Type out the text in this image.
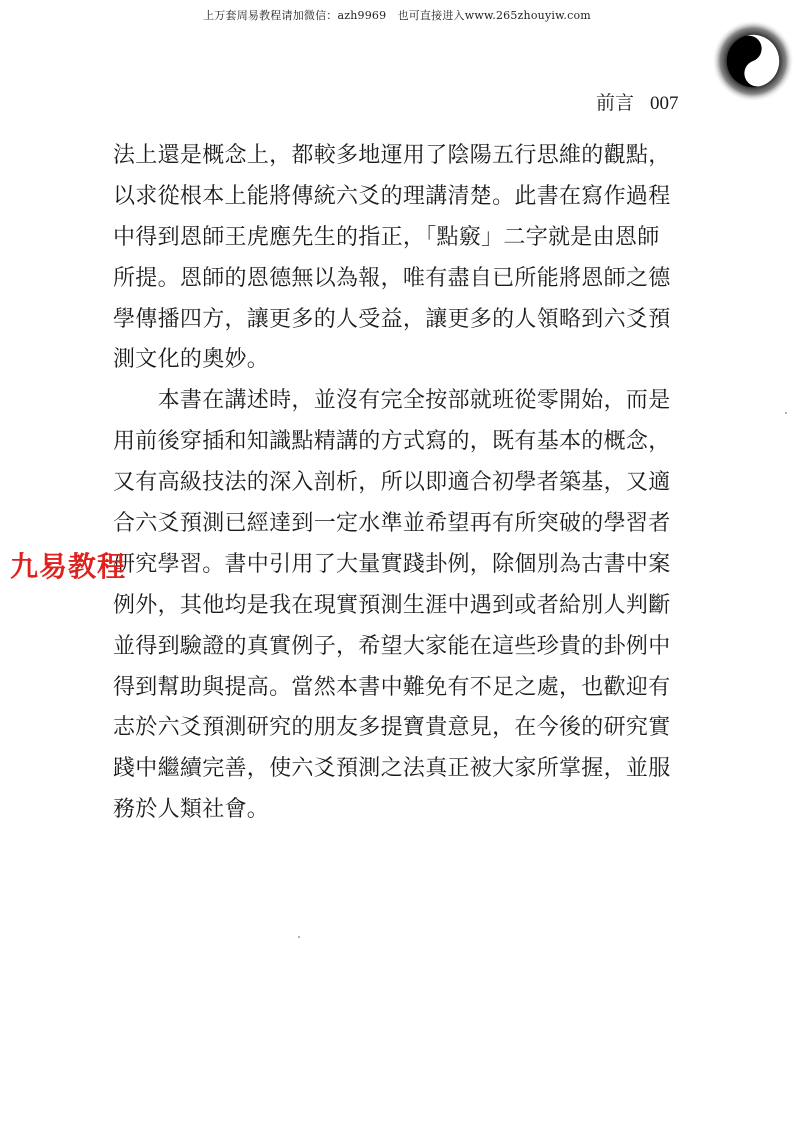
上万套周易教程请加微信：azh9969　也可直接进入www.265zhouyiw.com
前言 007
法上還是概念上，都較多地運用了陰陽五行思維的觀點，
以求從根本上能將傳統六爻的理講清楚。此書在寫作過程
中得到恩師王虎應先生的指正，「點竅」二字就是由恩師
所提。恩師的恩德無以為報，唯有盡自已所能將恩師之德
學傳播四方，讓更多的人受益，讓更多的人領略到六爻預
測文化的奧妙。
　　本書在講述時，並沒有完全按部就班從零開始，而是
用前後穿插和知識點精講的方式寫的，既有基本的概念，
又有高級技法的深入剖析，所以即適合初學者築基，又適
合六爻預測已經達到一定水準並希望再有所突破的學習者
研究學習。書中引用了大量實踐卦例，除個別為古書中案
例外，其他均是我在現實預測生涯中遇到或者給別人判斷
並得到驗證的真實例子，希望大家能在這些珍貴的卦例中
得到幫助與提高。當然本書中難免有不足之處，也歡迎有
志於六爻預測研究的朋友多提寶貴意見，在今後的研究實
踐中繼續完善，使六爻預測之法真正被大家所掌握，並服
務於人類社會。
九易教程
